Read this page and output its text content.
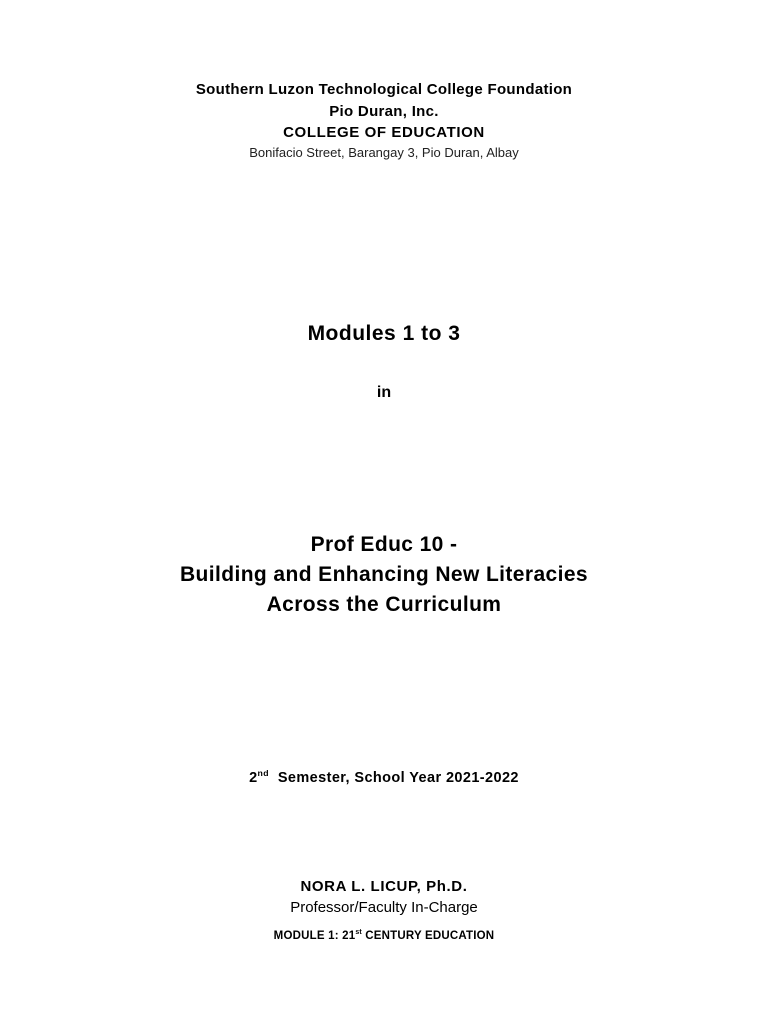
Southern Luzon Technological College Foundation
Pio Duran, Inc.
COLLEGE OF EDUCATION
Bonifacio Street, Barangay 3, Pio Duran, Albay
Modules 1 to 3
in
Prof Educ 10 -
Building and Enhancing New Literacies
Across the Curriculum
2nd Semester, School Year 2021-2022
NORA L. LICUP, Ph.D.
Professor/Faculty In-Charge
MODULE 1: 21st CENTURY EDUCATION
